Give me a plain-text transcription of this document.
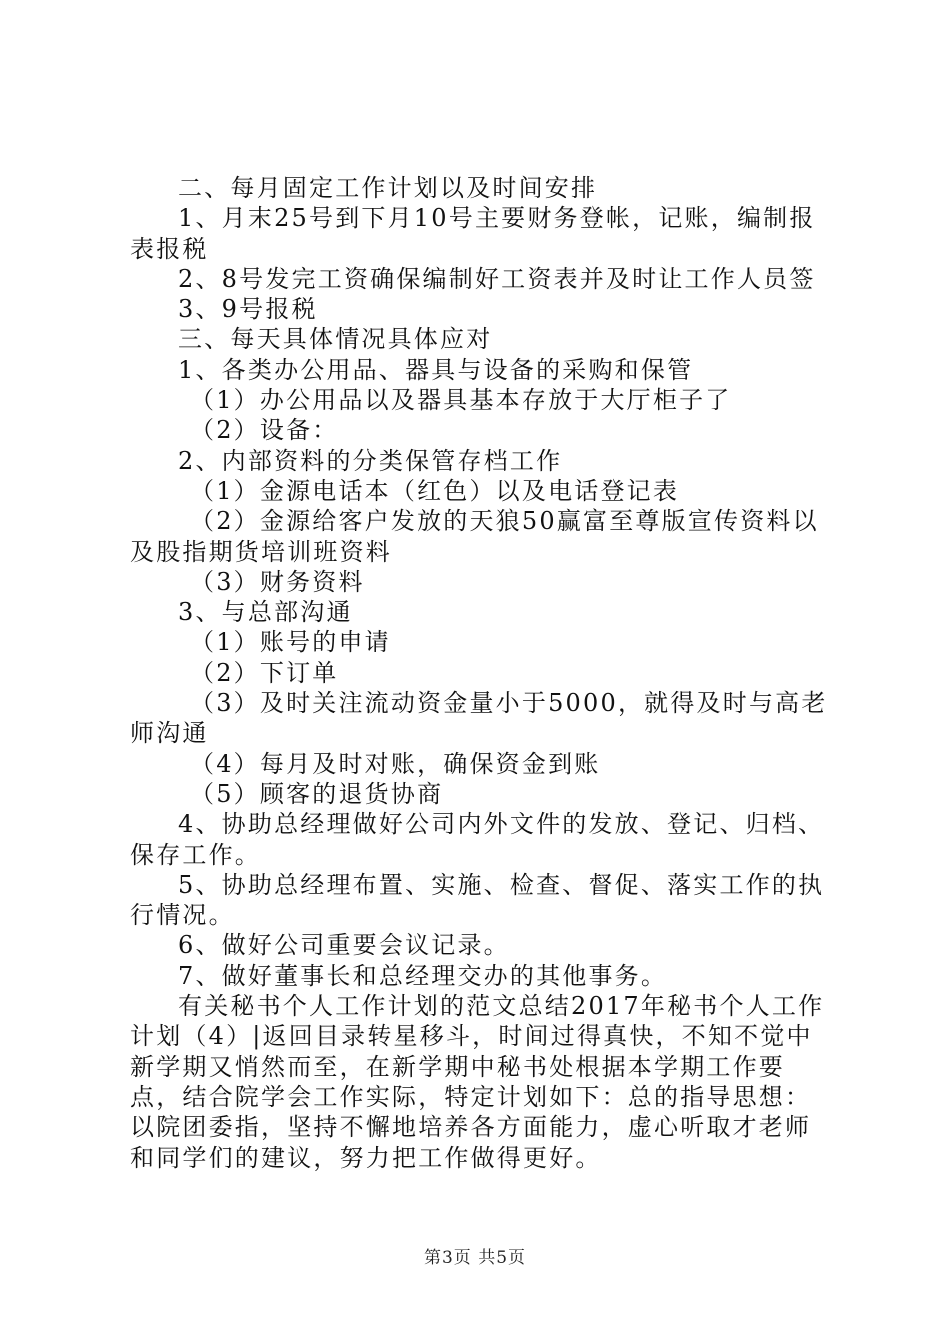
二、每月固定工作计划以及时间安排

1、月末25号到下月10号主要财务登帐，记账，编制报表报税

2、8号发完工资确保编制好工资表并及时让工作人员签

3、9号报税

三、每天具体情况具体应对

1、各类办公用品、器具与设备的采购和保管

（1）办公用品以及器具基本存放于大厅柜子了

（2）设备：

2、内部资料的分类保管存档工作

（1）金源电话本（红色）以及电话登记表

（2）金源给客户发放的天狼50赢富至尊版宣传资料以及股指期货培训班资料

（3）财务资料

3、与总部沟通

（1）账号的申请

（2）下订单

（3）及时关注流动资金量小于5000，就得及时与高老师沟通

（4）每月及时对账，确保资金到账

（5）顾客的退货协商

4、协助总经理做好公司内外文件的发放、登记、归档、保存工作。

5、协助总经理布置、实施、检查、督促、落实工作的执行情况。

6、做好公司重要会议记录。

7、做好董事长和总经理交办的其他事务。

有关秘书个人工作计划的范文总结2017年秘书个人工作计划（4）|返回目录转星移斗，时间过得真快，不知不觉中新学期又悄然而至，在新学期中秘书处根据本学期工作要点，结合院学会工作实际，特定计划如下：总的指导思想：以院团委指，坚持不懈地培养各方面能力，虚心听取才老师和同学们的建议，努力把工作做得更好。

第3页 共5页
